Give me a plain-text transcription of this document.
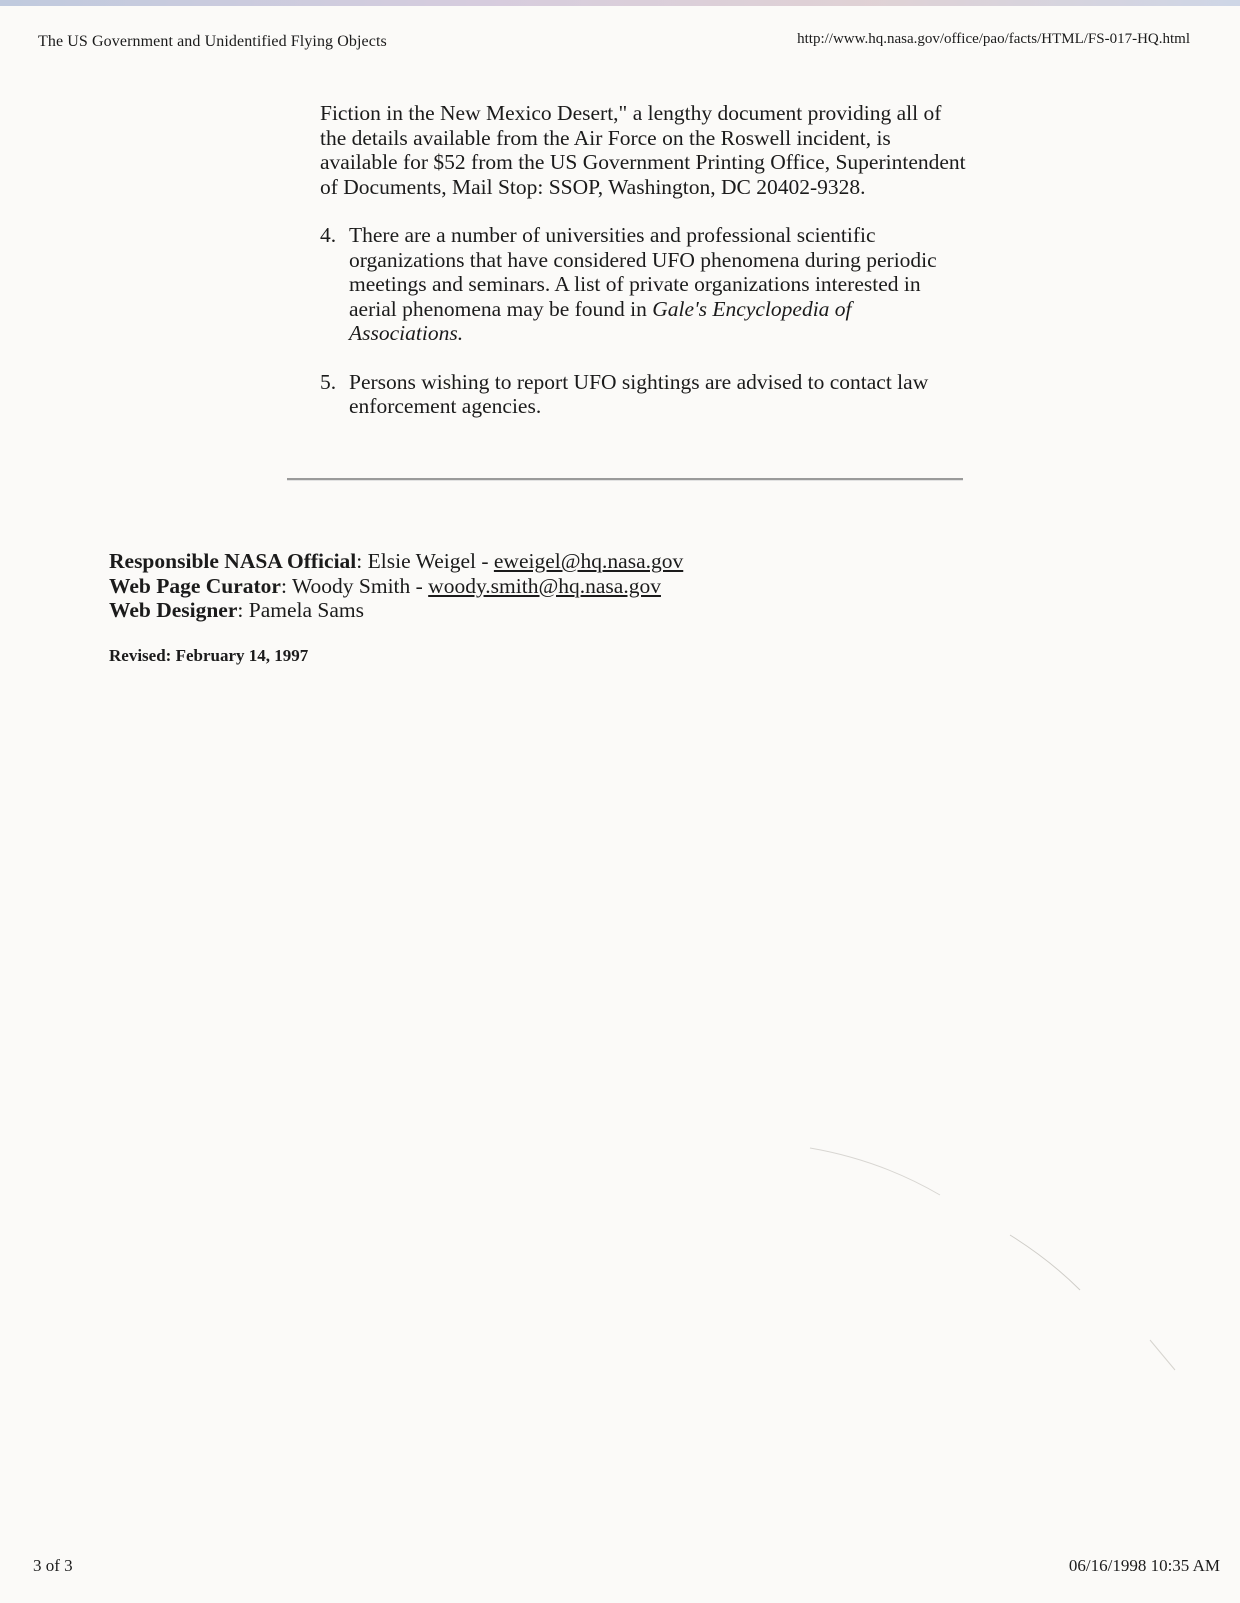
The US Government and Unidentified Flying Objects	http://www.hq.nasa.gov/office/pao/facts/HTML/FS-017-HQ.html

Fiction in the New Mexico Desert," a lengthy document providing all of the details available from the Air Force on the Roswell incident, is available for $52 from the US Government Printing Office, Superintendent of Documents, Mail Stop: SSOP, Washington, DC 20402-9328.

4. There are a number of universities and professional scientific organizations that have considered UFO phenomena during periodic meetings and seminars. A list of private organizations interested in aerial phenomena may be found in Gale's Encyclopedia of Associations.
5. Persons wishing to report UFO sightings are advised to contact law enforcement agencies.
Responsible NASA Official: Elsie Weigel - eweigel@hq.nasa.gov
Web Page Curator: Woody Smith - woody.smith@hq.nasa.gov
Web Designer: Pamela Sams
Revised: February 14, 1997
3 of 3	06/16/1998 10:35 AM
